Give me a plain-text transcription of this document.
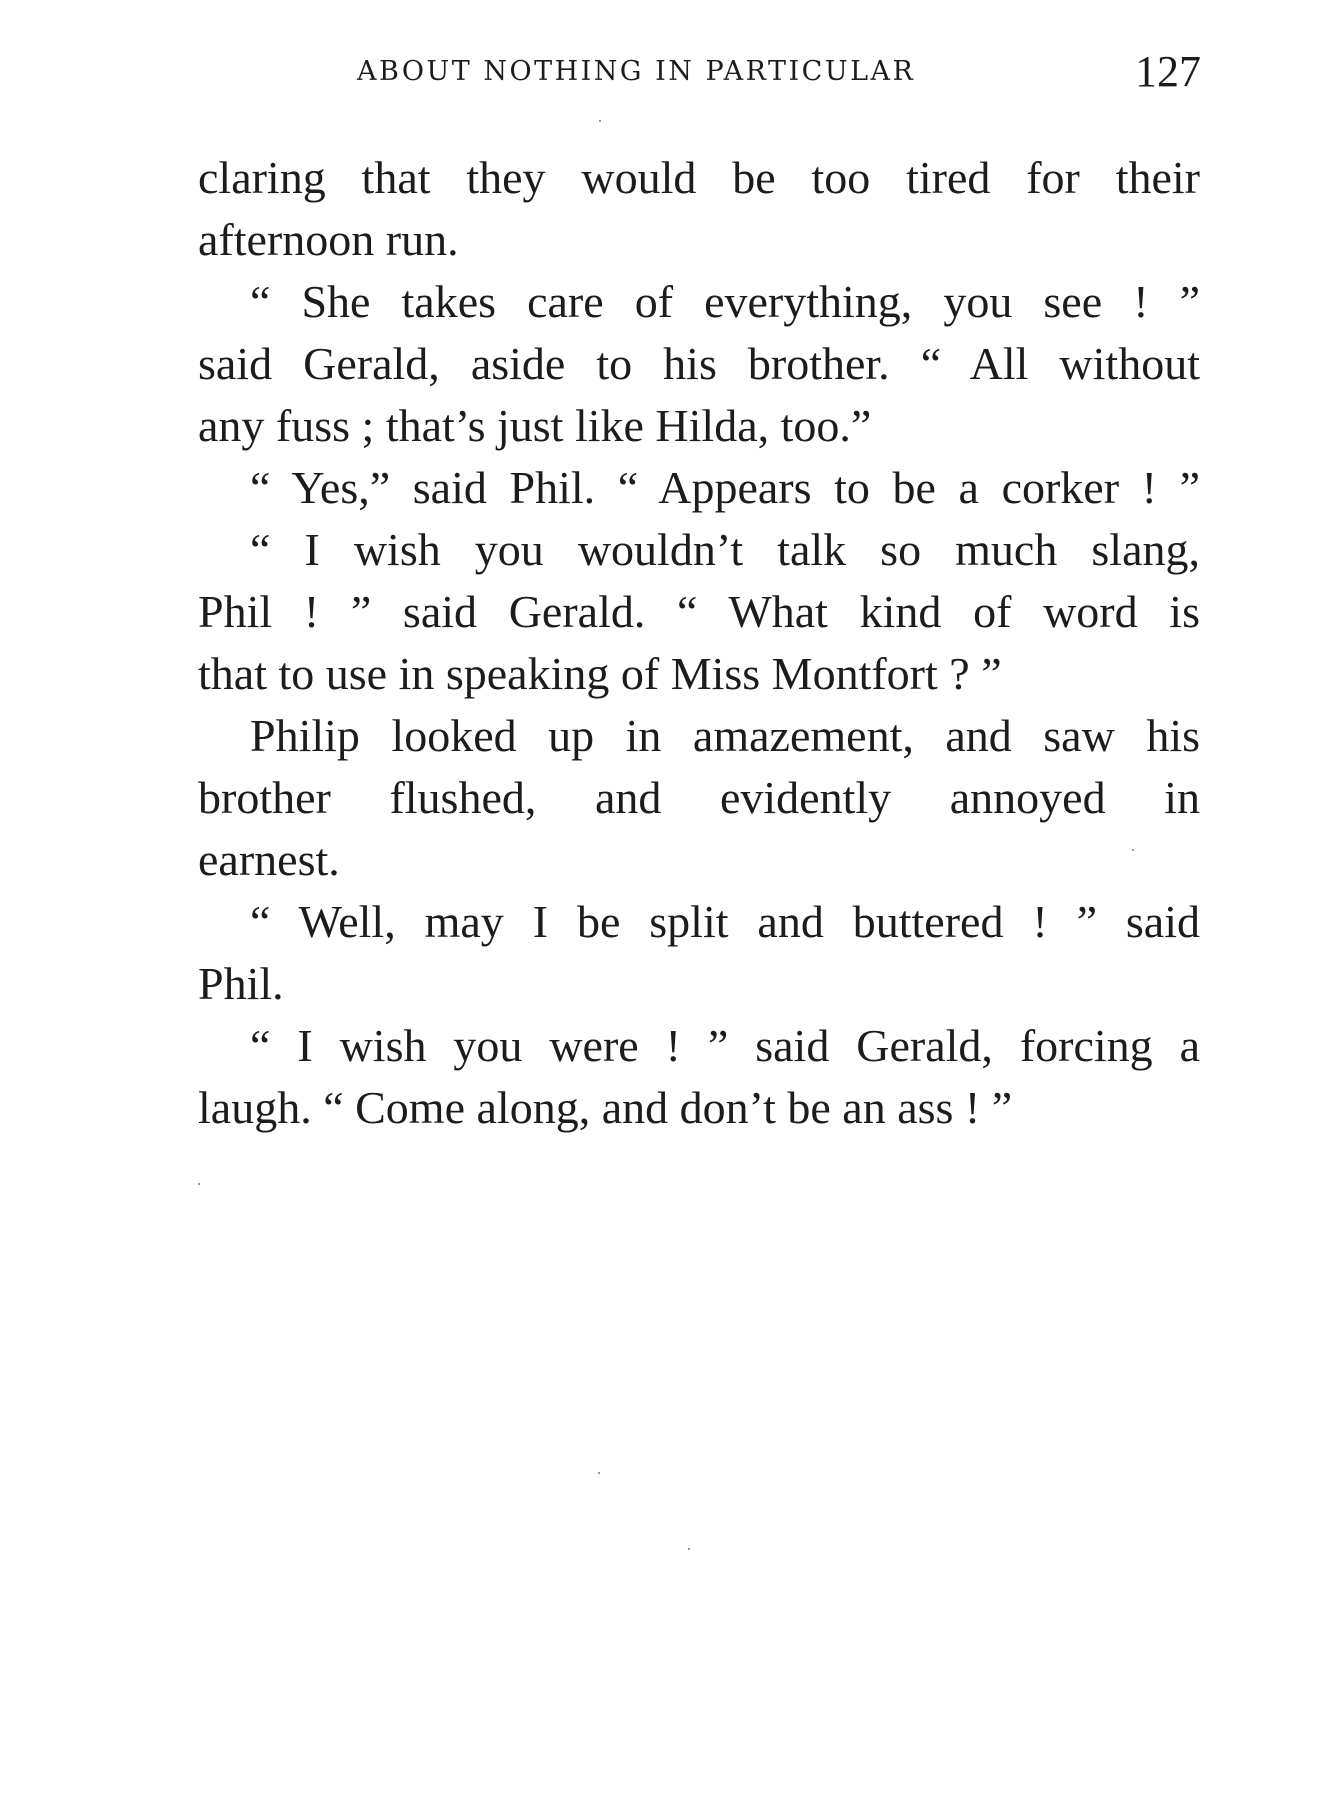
ABOUT NOTHING IN PARTICULAR	127
claring that they would be too tired for their
afternoon run.
“ She takes care of everything, you see ! ”
said Gerald, aside to his brother. “ All without
any fuss ; that’s just like Hilda, too.”
“ Yes,” said Phil. “ Appears to be a corker ! ”
“ I wish you wouldn’t talk so much slang,
Phil ! ” said Gerald. “ What kind of word is
that to use in speaking of Miss Montfort ? ”
Philip looked up in amazement, and saw his
brother flushed, and evidently annoyed in
earnest.
“ Well, may I be split and buttered ! ” said
Phil.
“ I wish you were ! ” said Gerald, forcing a
laugh. “ Come along, and don’t be an ass ! ”
